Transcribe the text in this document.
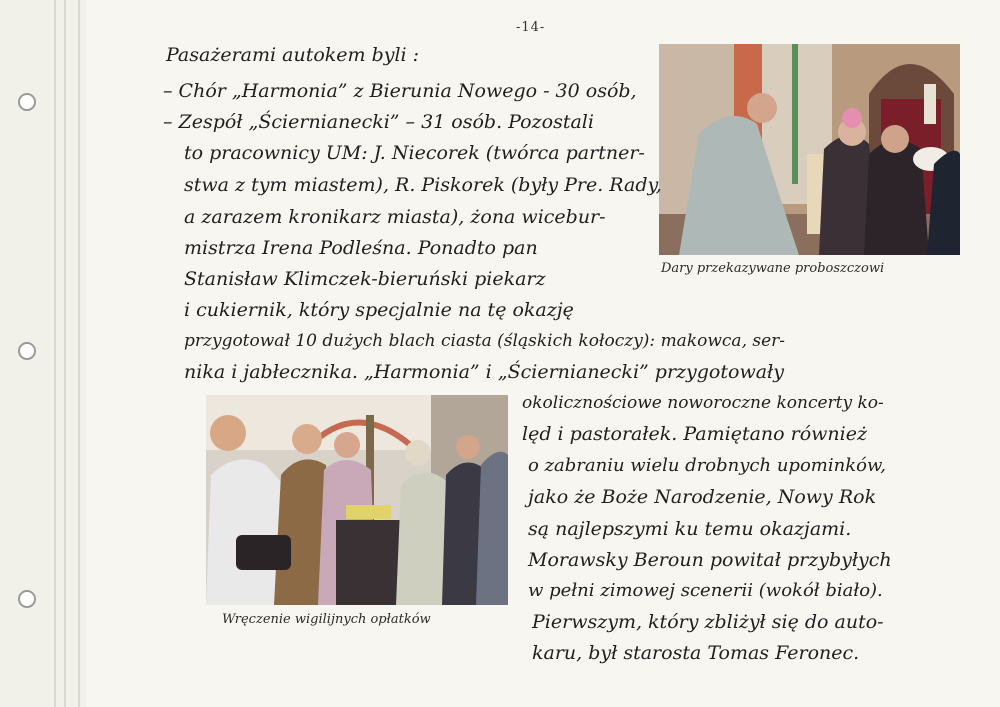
-14-
Dary przekazywane proboszczowi
Wręczenie wigilijnych opłatków
Pasażerami autokem byli :
– Chór „Harmonia” z Bierunia Nowego - 30 osób,
– Zespół „Ściernianecki” – 31 osób. Pozostali
to pracownicy UM: J. Niecorek (twórca partner-
stwa z tym miastem), R. Piskorek (były Pre. Rady,
a zarazem kronikarz miasta), żona wicebur-
mistrza Irena Podleśna. Ponadto pan
Stanisław Klimczek-bieruński piekarz
i cukiernik, który specjalnie na tę okazję
przygotował 10 dużych blach ciasta (śląskich kołoczy): makowca, ser-
nika i jabłecznika. „Harmonia” i „Ściernianecki” przygotowały
okolicznościowe noworoczne koncerty ko-
lęd i pastorałek. Pamiętano również
o zabraniu wielu drobnych upominków,
jako że Boże Narodzenie, Nowy Rok
są najlepszymi ku temu okazjami.
Morawsky Beroun powitał przybyłych
w pełni zimowej scenerii (wokół biało).
Pierwszym, który zbliżył się do auto-
karu, był starosta Tomas Feronec.
